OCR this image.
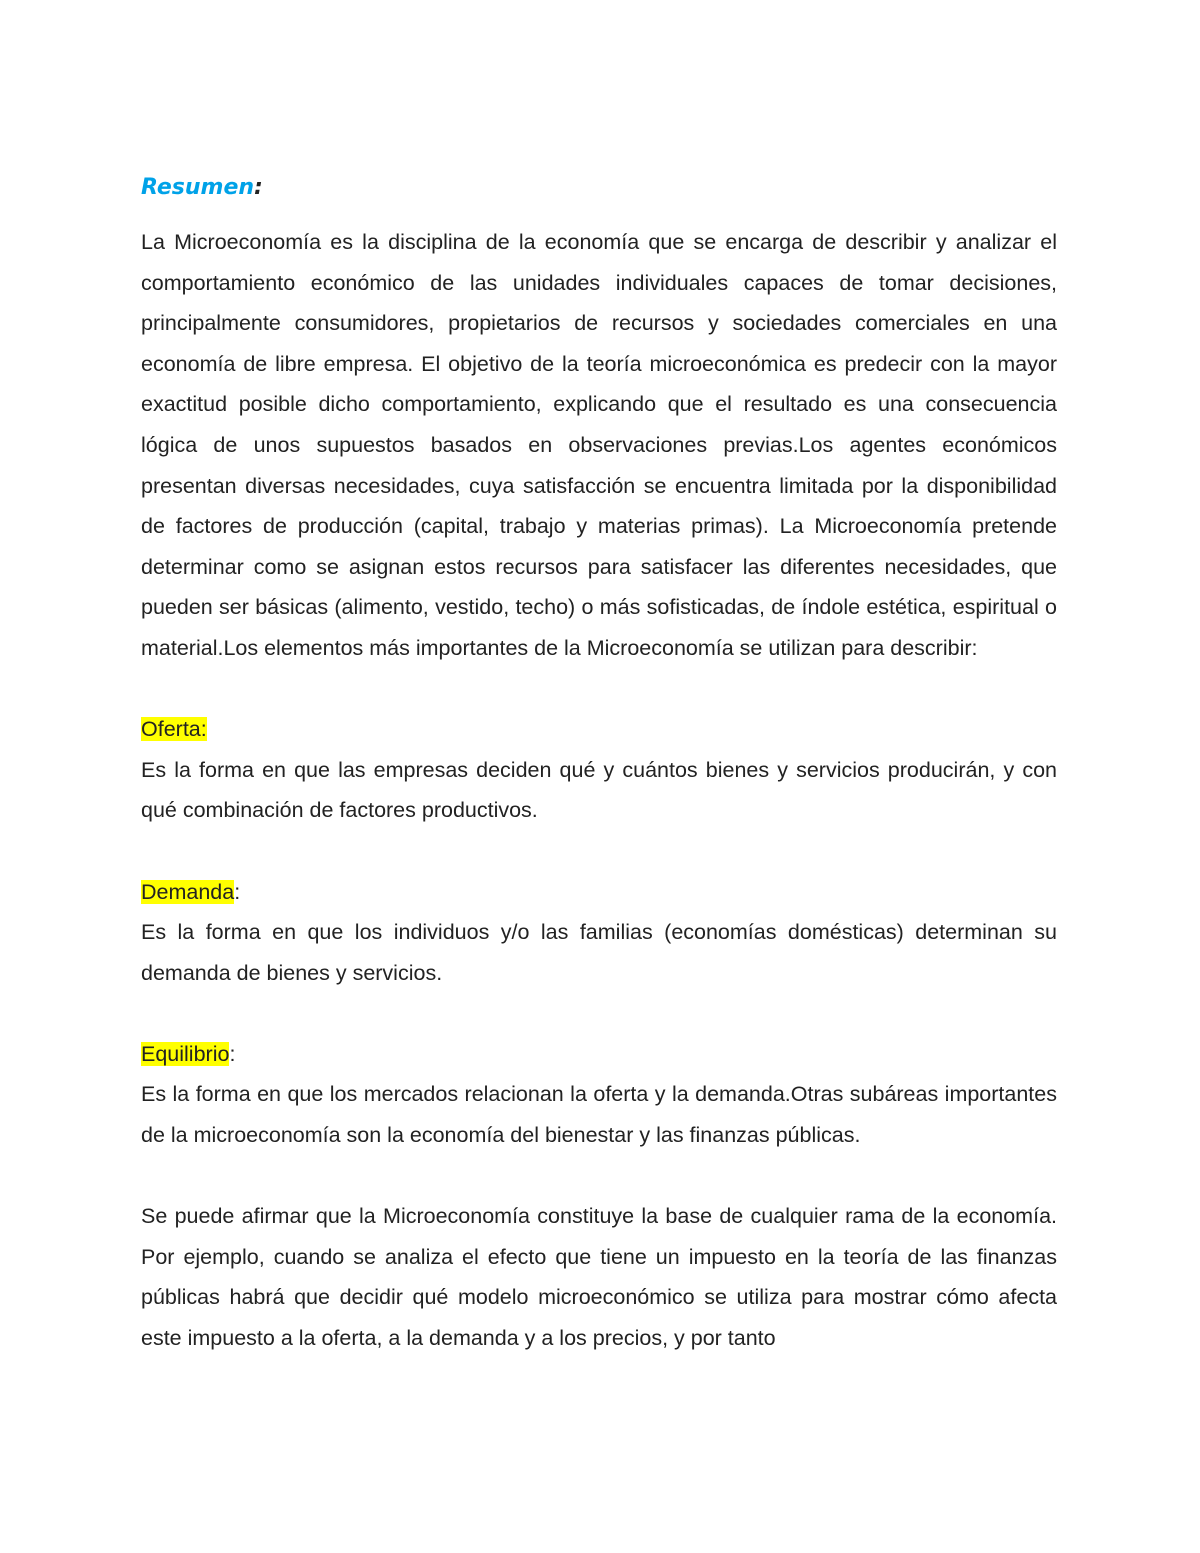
Resumen:

La Microeconomía es la disciplina de la economía que se encarga de describir y analizar el comportamiento económico de las unidades individuales capaces de tomar decisiones, principalmente consumidores, propietarios de recursos y sociedades comerciales en una economía de libre empresa. El objetivo de la teoría microeconómica es predecir con la mayor exactitud posible dicho comportamiento, explicando que el resultado es una consecuencia lógica de unos supuestos basados en observaciones previas.Los agentes económicos presentan diversas necesidades, cuya satisfacción se encuentra limitada por la disponibilidad de factores de producción (capital, trabajo y materias primas). La Microeconomía pretende determinar como se asignan estos recursos para satisfacer las diferentes necesidades, que pueden ser básicas (alimento, vestido, techo) o más sofisticadas, de índole estética, espiritual o material.Los elementos más importantes de la Microeconomía se utilizan para describir:

Oferta:

Es la forma en que las empresas deciden qué y cuántos bienes y servicios producirán, y con qué combinación de factores productivos.

Demanda:

Es la forma en que los individuos y/o las familias (economías domésticas) determinan su demanda de bienes y servicios.

Equilibrio:

Es la forma en que los mercados relacionan la oferta y la demanda.Otras subáreas importantes de la microeconomía son la economía del bienestar y las finanzas públicas.

Se puede afirmar que la Microeconomía constituye la base de cualquier rama de la economía. Por ejemplo, cuando se analiza el efecto que tiene un impuesto en la teoría de las finanzas públicas habrá que decidir qué modelo microeconómico se utiliza para mostrar cómo afecta este impuesto a la oferta, a la demanda y a los precios, y por tanto
